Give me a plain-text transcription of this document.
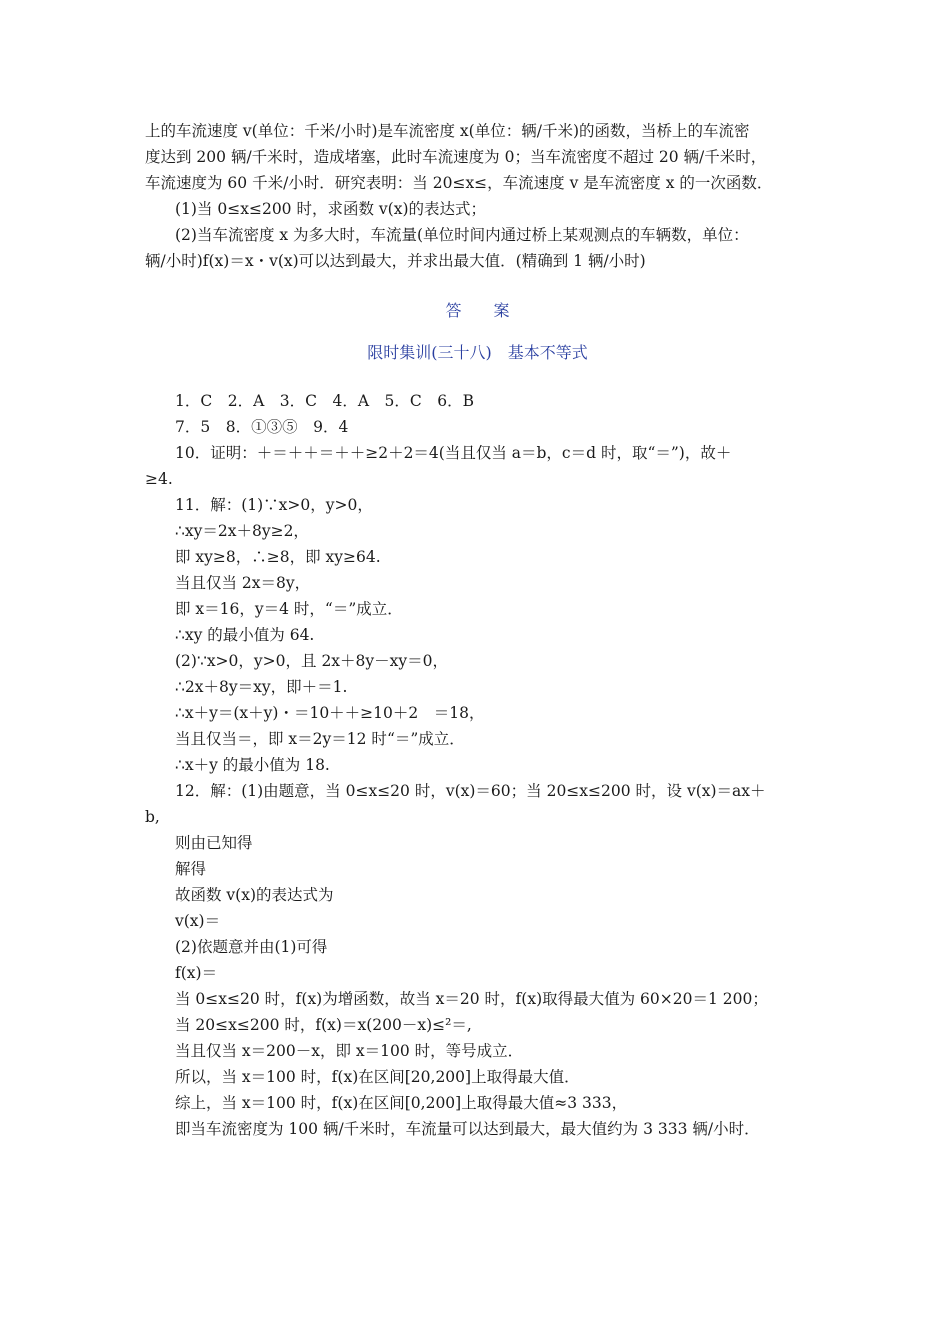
上的车流速度 v(单位：千米/小时)是车流密度 x(单位：辆/千米)的函数，当桥上的车流密

度达到 200 辆/千米时，造成堵塞，此时车流速度为 0；当车流密度不超过 20 辆/千米时，

车流速度为 60 千米/小时．研究表明：当 20≤x≤，车流速度 v 是车流密度 x 的一次函数．

(1)当 0≤x≤200 时，求函数 v(x)的表达式；

(2)当车流密度 x 为多大时，车流量(单位时间内通过桥上某观测点的车辆数，单位：

辆/小时)f(x)＝x・v(x)可以达到最大，并求出最大值．(精确到 1 辆/小时)

答　　案

限时集训(三十八)　基本不等式

1．C　2．A　3．C　4．A　5．C　6．B

7．5　8．①③⑤　9．4

10．证明：＋＝＋＋＝＋＋≥2＋2＝4(当且仅当 a＝b，c＝d 时，取“＝”)，故＋

≥4.

11．解：(1)∵x>0，y>0，

∴xy＝2x＋8y≥2，

即 xy≥8，∴≥8，即 xy≥64.

当且仅当 2x＝8y，

即 x＝16，y＝4 时，“＝”成立．

∴xy 的最小值为 64.

(2)∵x>0，y>0，且 2x＋8y－xy＝0，

∴2x＋8y＝xy，即＋＝1.

∴x＋y＝(x＋y)・＝10＋＋≥10＋2　＝18，

当且仅当＝，即 x＝2y＝12 时“＝”成立．

∴x＋y 的最小值为 18.

12．解：(1)由题意，当 0≤x≤20 时，v(x)＝60；当 20≤x≤200 时，设 v(x)＝ax＋

b,

则由已知得

解得

故函数 v(x)的表达式为

v(x)＝

(2)依题意并由(1)可得

f(x)＝

当 0≤x≤20 时，f(x)为增函数，故当 x＝20 时，f(x)取得最大值为 60×20＝1 200；

当 20≤x≤200 时，f(x)＝x(200－x)≤²＝,

当且仅当 x＝200－x，即 x＝100 时，等号成立．

所以，当 x＝100 时，f(x)在区间[20,200]上取得最大值．

综上，当 x＝100 时，f(x)在区间[0,200]上取得最大值≈3 333，

即当车流密度为 100 辆/千米时，车流量可以达到最大，最大值约为 3 333 辆/小时．
